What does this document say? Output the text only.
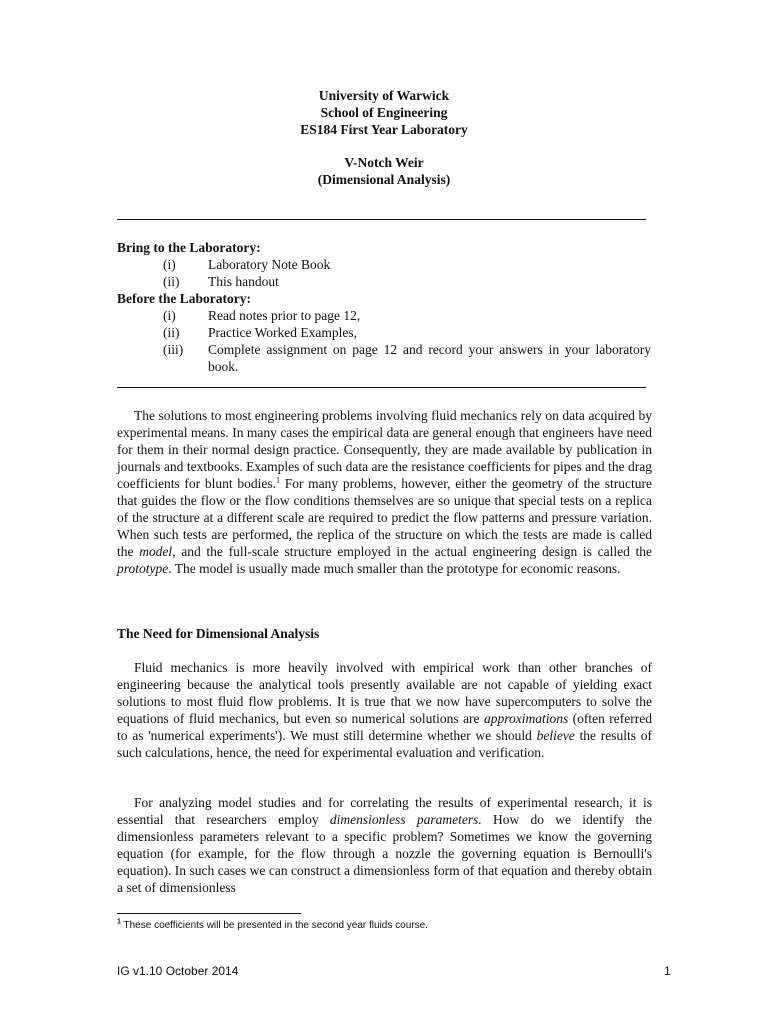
University of Warwick
School of Engineering
ES184 First Year Laboratory
V-Notch Weir
(Dimensional Analysis)
Bring to the Laboratory:
(i)	Laboratory Note Book
(ii)	This handout
Before the Laboratory:
(i)	Read notes prior to page 12,
(ii)	Practice Worked Examples,
(iii)	Complete assignment on page 12 and record your answers in your laboratory book.

The solutions to most engineering problems involving fluid mechanics rely on data acquired by experimental means. In many cases the empirical data are general enough that engineers have need for them in their normal design practice. Consequently, they are made available by publication in journals and textbooks. Examples of such data are the resistance coefficients for pipes and the drag coefficients for blunt bodies.$^1$ For many problems, however, either the geometry of the structure that guides the flow or the flow conditions themselves are so unique that special tests on a replica of the structure at a different scale are required to predict the flow patterns and pressure variation. When such tests are performed, the replica of the structure on which the tests are made is called the model, and the full-scale structure employed in the actual engineering design is called the prototype. The model is usually made much smaller than the prototype for economic reasons.

The Need for Dimensional Analysis

Fluid mechanics is more heavily involved with empirical work than other branches of engineering because the analytical tools presently available are not capable of yielding exact solutions to most fluid flow problems. It is true that we now have supercomputers to solve the equations of fluid mechanics, but even so numerical solutions are approximations (often referred to as 'numerical experiments'). We must still determine whether we should believe the results of such calculations, hence, the need for experimental evaluation and verification.

For analyzing model studies and for correlating the results of experimental research, it is essential that researchers employ dimensionless parameters. How do we identify the dimensionless parameters relevant to a specific problem? Sometimes we know the governing equation (for example, for the flow through a nozzle the governing equation is Bernoulli's equation). In such cases we can construct a dimensionless form of that equation and thereby obtain a set of dimensionless

$^1$ These coefficients will be presented in the second year fluids course.
IG v1.10 October 2014	1
